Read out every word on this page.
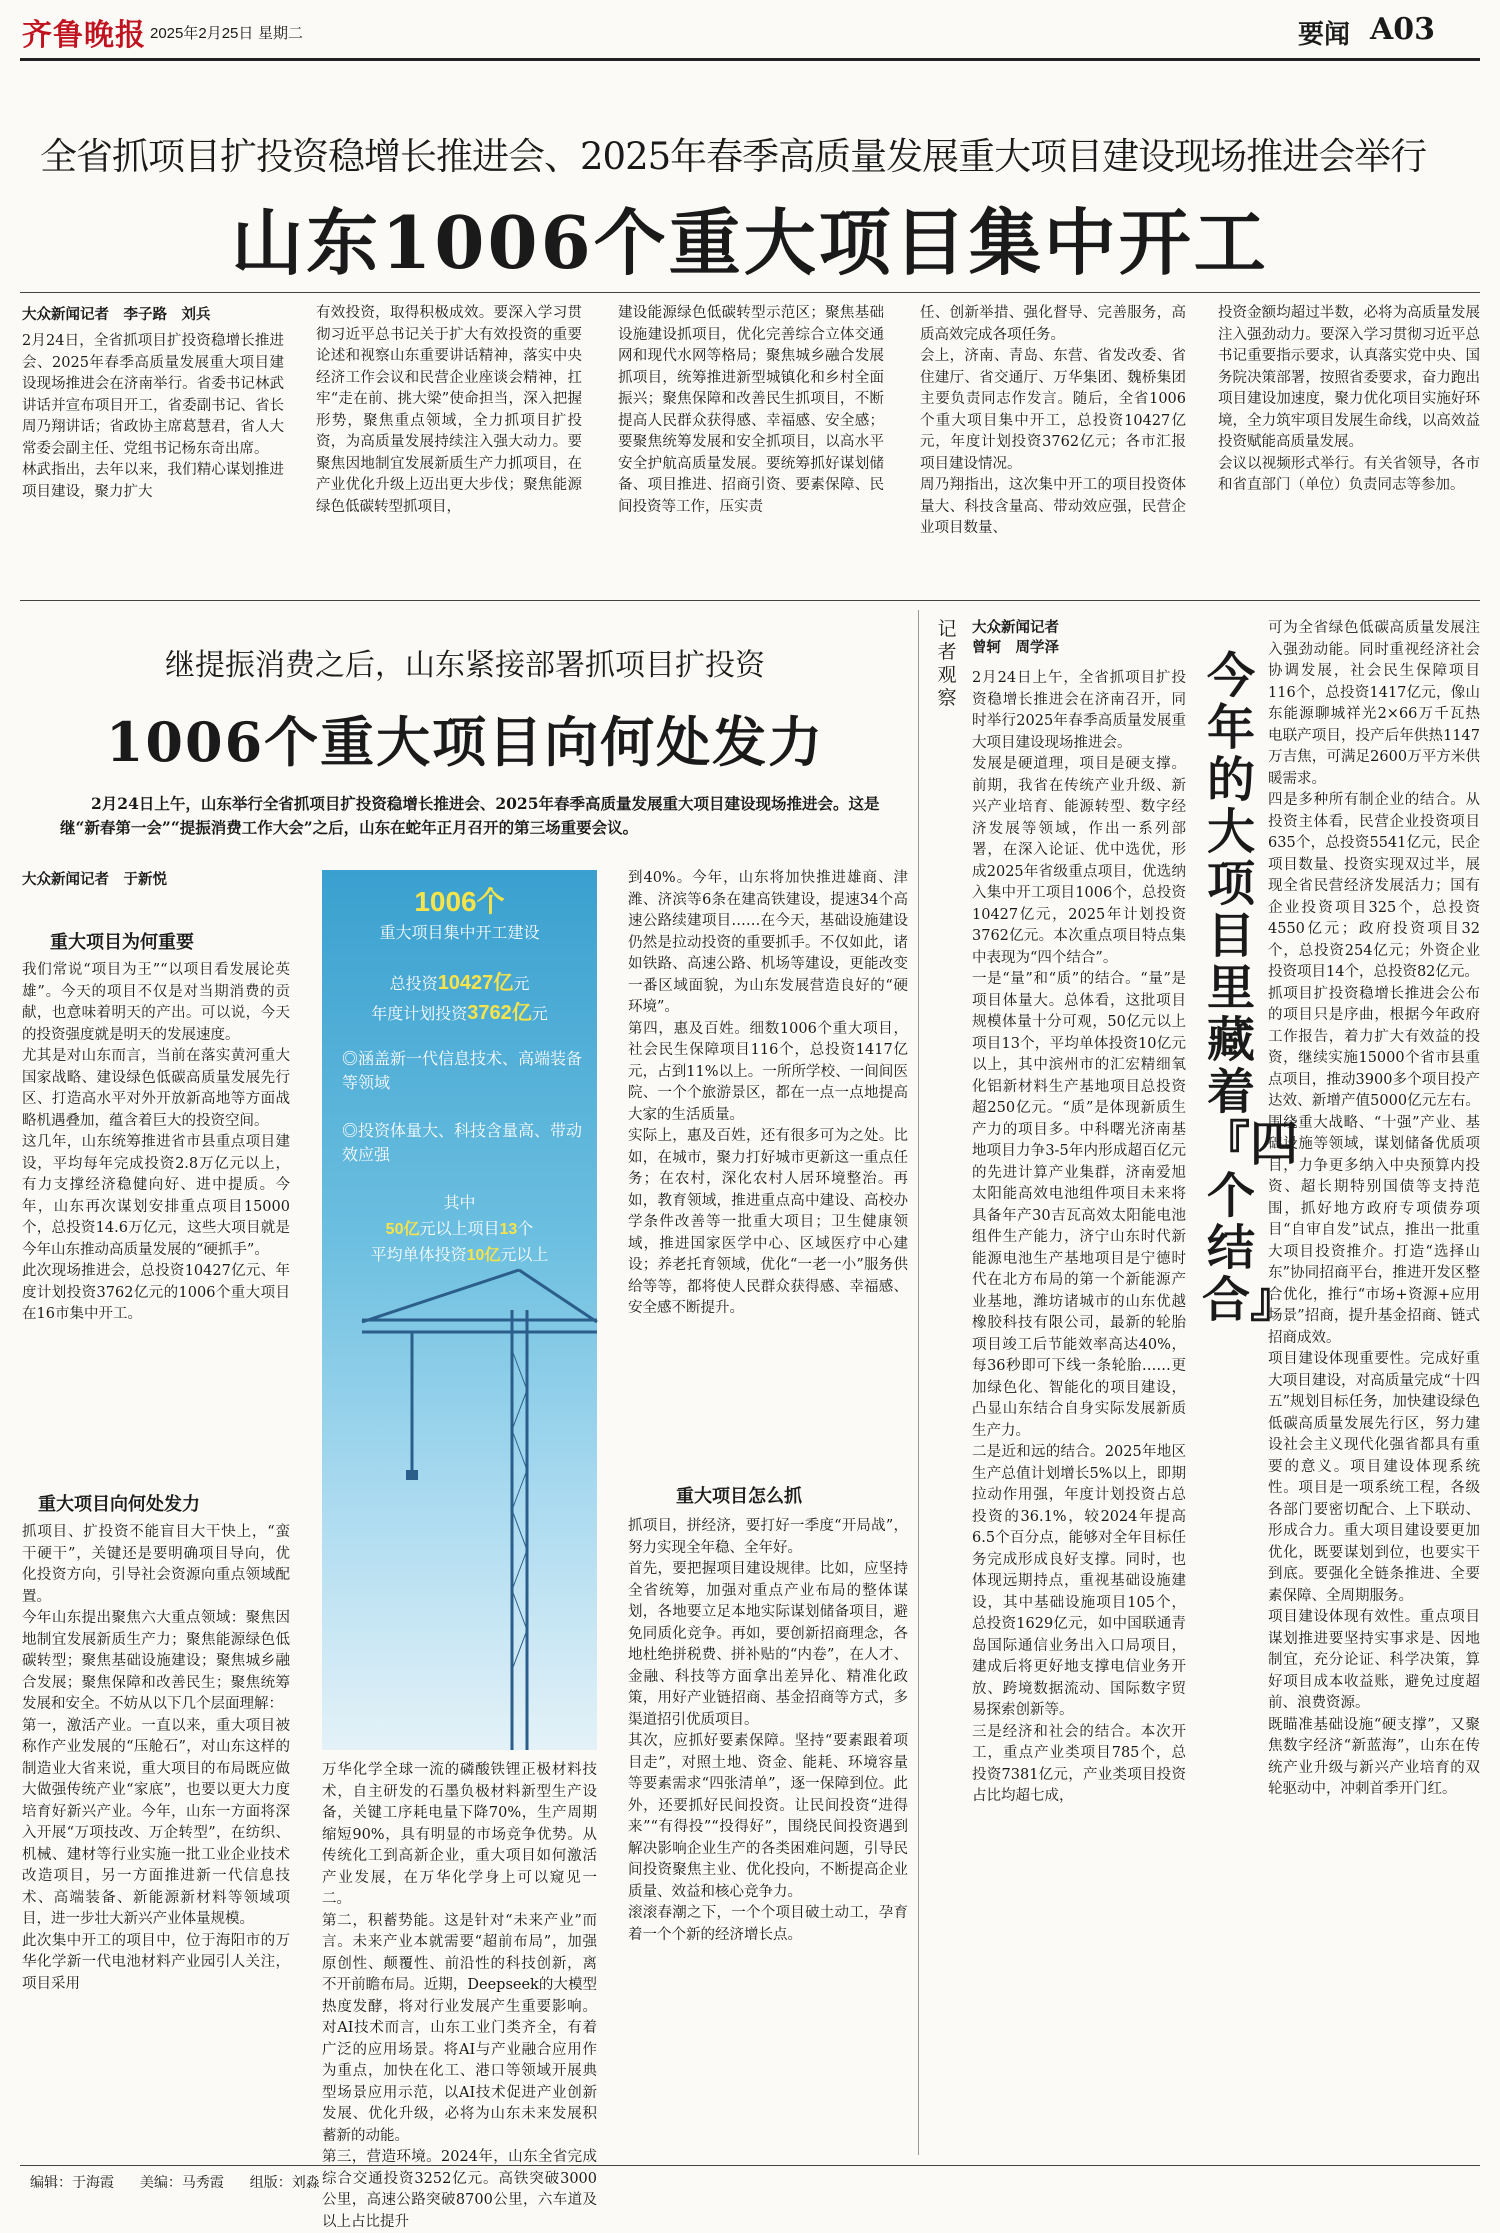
齐鲁晚报 2025年2月25日 星期二	要闻 A03
全省抓项目扩投资稳增长推进会、2025年春季高质量发展重大项目建设现场推进会举行
山东1006个重大项目集中开工
大众新闻记者　李子路　刘兵
2月24日，全省抓项目扩投资稳增长推进会、2025年春季高质量发展重大项目建设现场推进会在济南举行。省委书记林武讲话并宣布项目开工，省委副书记、省长周乃翔讲话；省政协主席葛慧君，省人大常委会副主任、党组书记杨东奇出席。
林武指出，去年以来，我们精心谋划推进项目建设，聚力扩大
有效投资，取得积极成效。要深入学习贯彻习近平总书记关于扩大有效投资的重要论述和视察山东重要讲话精神，落实中央经济工作会议和民营企业座谈会精神，扛牢“走在前、挑大梁”使命担当，深入把握形势，聚焦重点领域，全力抓项目扩投资，为高质量发展持续注入强大动力。要聚焦因地制宜发展新质生产力抓项目，在产业优化升级上迈出更大步伐；聚焦能源绿色低碳转型抓项目，
建设能源绿色低碳转型示范区；聚焦基础设施建设抓项目，优化完善综合立体交通网和现代水网等格局；聚焦城乡融合发展抓项目，统筹推进新型城镇化和乡村全面振兴；聚焦保障和改善民生抓项目，不断提高人民群众获得感、幸福感、安全感；要聚焦统筹发展和安全抓项目，以高水平安全护航高质量发展。要统筹抓好谋划储备、项目推进、招商引资、要素保障、民间投资等工作，压实责
任、创新举措、强化督导、完善服务，高质高效完成各项任务。
会上，济南、青岛、东营、省发改委、省住建厅、省交通厅、万华集团、魏桥集团主要负责同志作发言。随后，全省1006个重大项目集中开工，总投资10427亿元，年度计划投资3762亿元；各市汇报项目建设情况。
周乃翔指出，这次集中开工的项目投资体量大、科技含量高、带动效应强，民营企业项目数量、
投资金额均超过半数，必将为高质量发展注入强劲动力。要深入学习贯彻习近平总书记重要指示要求，认真落实党中央、国务院决策部署，按照省委要求，奋力跑出项目建设加速度，聚力优化项目实施好环境，全力筑牢项目发展生命线，以高效益投资赋能高质量发展。
会议以视频形式举行。有关省领导，各市和省直部门（单位）负责同志等参加。
继提振消费之后，山东紧接部署抓项目扩投资
1006个重大项目向何处发力
2月24日上午，山东举行全省抓项目扩投资稳增长推进会、2025年春季高质量发展重大项目建设现场推进会。这是继“新春第一会”“提振消费工作大会”之后，山东在蛇年正月召开的第三场重要会议。
大众新闻记者　于新悦
重大项目为何重要
我们常说“项目为王”“以项目看发展论英雄”。今天的项目不仅是对当期消费的贡献，也意味着明天的产出。可以说，今天的投资强度就是明天的发展速度。
尤其是对山东而言，当前在落实黄河重大国家战略、建设绿色低碳高质量发展先行区、打造高水平对外开放新高地等方面战略机遇叠加，蕴含着巨大的投资空间。
这几年，山东统筹推进省市县重点项目建设，平均每年完成投资2.8万亿元以上，有力支撑经济稳健向好、进中提质。今年，山东再次谋划安排重点项目15000个，总投资14.6万亿元，这些大项目就是今年山东推动高质量发展的“硬抓手”。
此次现场推进会，总投资10427亿元、年度计划投资3762亿元的1006个重大项目在16市集中开工。
重大项目向何处发力
抓项目、扩投资不能盲目大干快上，“蛮干硬干”，关键还是要明确项目导向，优化投资方向，引导社会资源向重点领域配置。
今年山东提出聚焦六大重点领域：聚焦因地制宜发展新质生产力；聚焦能源绿色低碳转型；聚焦基础设施建设；聚焦城乡融合发展；聚焦保障和改善民生；聚焦统筹发展和安全。不妨从以下几个层面理解：
第一，激活产业。一直以来，重大项目被称作产业发展的“压舱石”，对山东这样的制造业大省来说，重大项目的布局既应做大做强传统产业“家底”，也要以更大力度培育好新兴产业。今年，山东一方面将深入开展“万项技改、万企转型”，在纺织、机械、建材等行业实施一批工业企业技术改造项目，另一方面推进新一代信息技术、高端装备、新能源新材料等领域项目，进一步壮大新兴产业体量规模。
此次集中开工的项目中，位于海阳市的万华化学新一代电池材料产业园引人关注，项目采用
1006个
重大项目集中开工建设
总投资10427亿元
年度计划投资3762亿元
◎涵盖新一代信息技术、高端装备等领域
◎投资体量大、科技含量高、带动效应强
其中
50亿元以上项目13个
平均单体投资10亿元以上
万华化学全球一流的磷酸铁锂正极材料技术，自主研发的石墨负极材料新型生产设备，关键工序耗电量下降70%，生产周期缩短90%，具有明显的市场竞争优势。从传统化工到高新企业，重大项目如何激活产业发展，在万华化学身上可以窥见一二。
第二，积蓄势能。这是针对“未来产业”而言。未来产业本就需要“超前布局”，加强原创性、颠覆性、前沿性的科技创新，离不开前瞻布局。近期，Deepseek的大模型热度发酵，将对行业发展产生重要影响。对AI技术而言，山东工业门类齐全，有着广泛的应用场景。将AI与产业融合应用作为重点，加快在化工、港口等领域开展典型场景应用示范，以AI技术促进产业创新发展、优化升级，必将为山东未来发展积蓄新的动能。
第三，营造环境。2024年，山东全省完成综合交通投资3252亿元。高铁突破3000公里，高速公路突破8700公里，六车道及以上占比提升
到40%。今年，山东将加快推进雄商、津潍、济滨等6条在建高铁建设，提速34个高速公路续建项目……在今天，基础设施建设仍然是拉动投资的重要抓手。不仅如此，诸如铁路、高速公路、机场等建设，更能改变一番区域面貌，为山东发展营造良好的“硬环境”。
第四，惠及百姓。细数1006个重大项目，社会民生保障项目116个，总投资1417亿元，占到11%以上。一所所学校、一间间医院、一个个旅游景区，都在一点一点地提高大家的生活质量。
实际上，惠及百姓，还有很多可为之处。比如，在城市，聚力打好城市更新这一重点任务；在农村，深化农村人居环境整治。再如，教育领域，推进重点高中建设、高校办学条件改善等一批重大项目；卫生健康领域，推进国家医学中心、区域医疗中心建设；养老托育领域，优化“一老一小”服务供给等等，都将使人民群众获得感、幸福感、安全感不断提升。
重大项目怎么抓
抓项目，拼经济，要打好一季度“开局战”，努力实现全年稳、全年好。
首先，要把握项目建设规律。比如，应坚持全省统筹，加强对重点产业布局的整体谋划，各地要立足本地实际谋划储备项目，避免同质化竞争。再如，要创新招商理念，各地杜绝拼税费、拼补贴的“内卷”，在人才、金融、科技等方面拿出差异化、精准化政策，用好产业链招商、基金招商等方式，多渠道招引优质项目。
其次，应抓好要素保障。坚持“要素跟着项目走”，对照土地、资金、能耗、环境容量等要素需求“四张清单”，逐一保障到位。此外，还要抓好民间投资。让民间投资“进得来”“有得投”“投得好”，围绕民间投资遇到解决影响企业生产的各类困难问题，引导民间投资聚焦主业、优化投向，不断提高企业质量、效益和核心竞争力。
滚滚春潮之下，一个个项目破土动工，孕育着一个个新的经济增长点。
记者观察
大众新闻记者
曾轲　周学泽	今年的大项目里藏着『四个结合』
2月24日上午，全省抓项目扩投资稳增长推进会在济南召开，同时举行2025年春季高质量发展重大项目建设现场推进会。
发展是硬道理，项目是硬支撑。前期，我省在传统产业升级、新兴产业培育、能源转型、数字经济发展等领域，作出一系列部署，在深入论证、优中选优，形成2025年省级重点项目，优选纳入集中开工项目1006个，总投资10427亿元，2025年计划投资3762亿元。本次重点项目特点集中表现为“四个结合”。
一是“量”和“质”的结合。“量”是项目体量大。总体看，这批项目规模体量十分可观，50亿元以上项目13个，平均单体投资10亿元以上，其中滨州市的汇宏精细氧化铝新材料生产基地项目总投资超250亿元。“质”是体现新质生产力的项目多。中科曙光济南基地项目力争3-5年内形成超百亿元的先进计算产业集群，济南爱旭太阳能高效电池组件项目未来将具备年产30吉瓦高效太阳能电池组件生产能力，济宁山东时代新能源电池生产基地项目是宁德时代在北方布局的第一个新能源产业基地，潍坊诸城市的山东优越橡胶科技有限公司，最新的轮胎项目竣工后节能效率高达40%，每36秒即可下线一条轮胎……更加绿色化、智能化的项目建设，凸显山东结合自身实际发展新质生产力。
二是近和远的结合。2025年地区生产总值计划增长5%以上，即期拉动作用强，年度计划投资占总投资的36.1%，较2024年提高6.5个百分点，能够对全年目标任务完成形成良好支撑。同时，也体现远期持点，重视基础设施建设，其中基础设施项目105个，总投资1629亿元，如中国联通青岛国际通信业务出入口局项目，建成后将更好地支撑电信业务开放、跨境数据流动、国际数字贸易探索创新等。
三是经济和社会的结合。本次开工，重点产业类项目785个，总投资7381亿元，产业类项目投资占比均超七成，
可为全省绿色低碳高质量发展注入强劲动能。同时重视经济社会协调发展，社会民生保障项目116个，总投资1417亿元，像山东能源聊城祥光2×66万千瓦热电联产项目，投产后年供热1147万吉焦，可满足2600万平方米供暖需求。
四是多种所有制企业的结合。从投资主体看，民营企业投资项目635个，总投资5541亿元，民企项目数量、投资实现双过半，展现全省民营经济发展活力；国有企业投资项目325个，总投资4550亿元；政府投资项目32个，总投资254亿元；外资企业投资项目14个，总投资82亿元。
抓项目扩投资稳增长推进会公布的项目只是序曲，根据今年政府工作报告，着力扩大有效益的投资，继续实施15000个省市县重点项目，推动3900多个项目投产达效、新增产值5000亿元左右。围绕重大战略、“十强”产业、基础设施等领域，谋划储备优质项目，力争更多纳入中央预算内投资、超长期特别国债等支持范围，抓好地方政府专项债券项目“自审自发”试点，推出一批重大项目投资推介。打造“选择山东”协同招商平台，推进开发区整合优化，推行“市场+资源+应用场景”招商，提升基金招商、链式招商成效。
项目建设体现重要性。完成好重大项目建设，对高质量完成“十四五”规划目标任务，加快建设绿色低碳高质量发展先行区，努力建设社会主义现代化强省都具有重要的意义。项目建设体现系统性。项目是一项系统工程，各级各部门要密切配合、上下联动、形成合力。重大项目建设要更加优化，既要谋划到位，也要实干到底。要强化全链条推进、全要素保障、全周期服务。
项目建设体现有效性。重点项目谋划推进要坚持实事求是、因地制宜，充分论证、科学决策，算好项目成本收益账，避免过度超前、浪费资源。
既瞄准基础设施“硬支撑”，又聚焦数字经济“新蓝海”，山东在传统产业升级与新兴产业培育的双轮驱动中，冲刺首季开门红。
编辑：于海霞 美编：马秀霞 组版：刘淼
